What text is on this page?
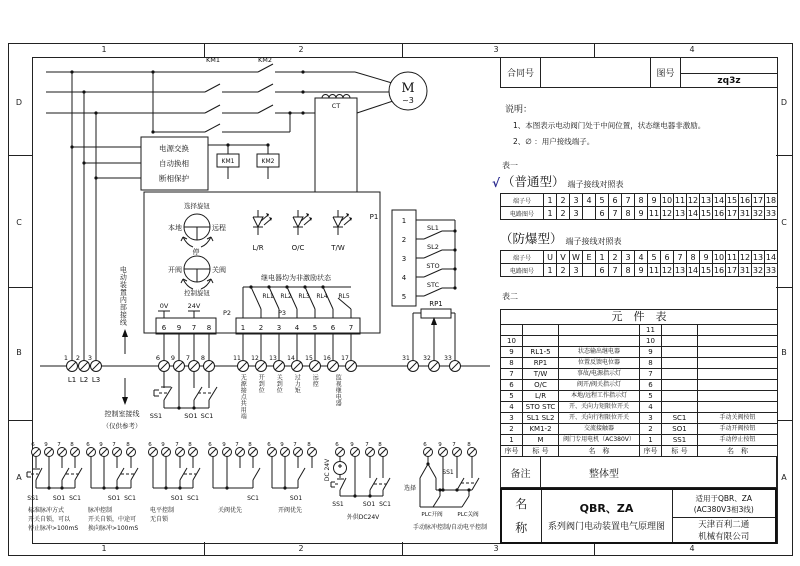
1	2	3	4
1	2	3	4
D
C
B
A
D
C
B
A
KM1	KM2
CT
M
~3
电源交换
自动换相
断相保护
KM1	KM2
选择旋钮
本地	远程
停
开阀	关阀
控制旋钮
L/R	O/C	T/W
继电器均为非激励状态
RL1 RL2 RL3 RL4 RL5
P1	1
2
3
4
5
SL1
SL2
STO
STC
0V	24V
P2	P3
6 9 7 8	1 2 3 4 5 6 7
RP1
1 2 3
L1 L2 L3
6 9 7 8	11 12 13 14 15 16 17	31 32 33
SS1	SO1 SC1
控制室接线
（仅供参考）
6 9 7 8
SS1 SO1 SC1
标准脉冲方式
开关自锁，可以
停止脉冲>100mS
6 9 7 8
SO1 SC1
脉冲控制
开关自锁，中途可
换向脉冲>100mS
6 9 7 8
SO1 SC1
电平控制
无自锁
6 9 7 8
SC1
关阀优先
6 9 7 8
SO1
开阀优先
6 9 7 8
DC 24V
SS1	SO1 SC1
外供DC24V
6 9 7 8
选择
SS1
PLC开阀	PLC关阀
手动脉冲控制/自动电平控制
电动装置内部接线
无源接点共用端 开到位 关到位 过力矩 远控	监视继电器
合同号		图号	
zq3z
说明：
1、本图表示电动阀门处于中间位置，状态继电器非激励。
2、∅ ：用户接线端子。
表一
√ （普通型） 端子接线对照表
端子号	1	2	3	4	5	6	7	8	9	10	11	12	13	14	15	16	17	18
电路图号	1	2	3		6	7	8	9	11	12	13	14	15	16	17	31	32	33
（防爆型） 端子接线对照表
端子号	U	V	W	E	1	2	3	4	5	6	7	8	9	10	11	12	13	14
电路图号	1	2	3		6	7	8	9	11	12	13	14	15	16	17	31	32	33
表二
元　件　表					
			11		
10			10		
9	RL1-5	状态输出继电器	9		
8	RP1	位置反馈电位器	8		
7	T/W	事故/电源指示灯	7		
6	O/C	阀开/阀关指示灯	6		
5	L/R	本地/远程工作指示灯	5		
4	STO STC	开、关向力矩限位开关	4		
3	SL1 SL2	开、关向行程限位开关	3	SC1	手动关阀按钮
2	KM1-2	交流接触器	2	SO1	手动开阀按钮
1	M	阀门专用电机（AC380V）	1	SS1	手动停止按钮
序号	标 号	名　称	序号	标 号	名　称

备注	整体型
名
称

QBR、ZA
系列阀门电动装置电气原理图

适用于QBR、ZA
(AC380V3相3线)

天津百利二通
机械有限公司
